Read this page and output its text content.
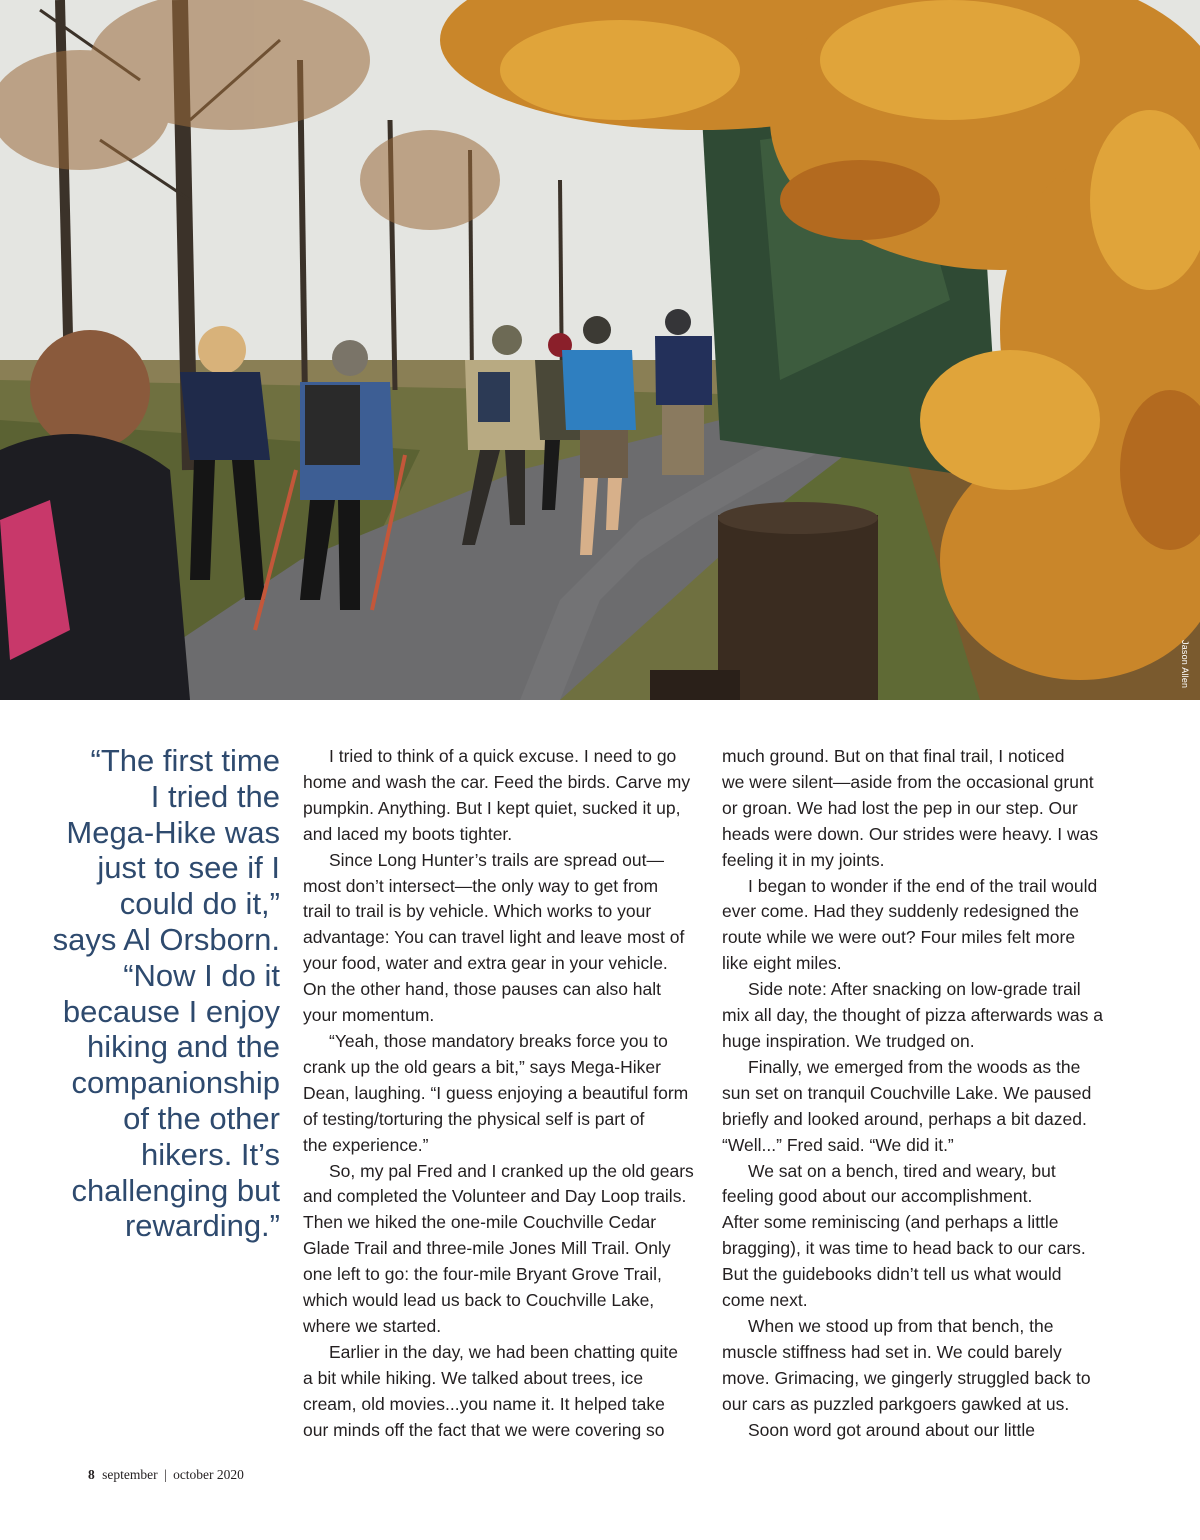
Jason Allen
“The first time
I tried the
Mega-Hike was
just to see if I
could do it,”
says Al Orsborn.
“Now I do it
because I enjoy
hiking and the
companionship
of the other
hikers. It’s
challenging but
rewarding.”
I tried to think of a quick excuse. I need to go
home and wash the car. Feed the birds. Carve my
pumpkin. Anything. But I kept quiet, sucked it up,
and laced my boots tighter.
Since Long Hunter’s trails are spread out—
most don’t intersect—the only way to get from
trail to trail is by vehicle. Which works to your
advantage: You can travel light and leave most of
your food, water and extra gear in your vehicle.
On the other hand, those pauses can also halt
your momentum.
“Yeah, those mandatory breaks force you to
crank up the old gears a bit,” says Mega-Hiker
Dean, laughing. “I guess enjoying a beautiful form
of testing/torturing the physical self is part of
the experience.”
So, my pal Fred and I cranked up the old gears
and completed the Volunteer and Day Loop trails.
Then we hiked the one-mile Couchville Cedar
Glade Trail and three-mile Jones Mill Trail. Only
one left to go: the four-mile Bryant Grove Trail,
which would lead us back to Couchville Lake,
where we started.
Earlier in the day, we had been chatting quite
a bit while hiking. We talked about trees, ice
cream, old movies...you name it. It helped take
our minds off the fact that we were covering so
much ground. But on that final trail, I noticed
we were silent—aside from the occasional grunt
or groan. We had lost the pep in our step. Our
heads were down. Our strides were heavy. I was
feeling it in my joints.
I began to wonder if the end of the trail would
ever come. Had they suddenly redesigned the
route while we were out? Four miles felt more
like eight miles.
Side note: After snacking on low-grade trail
mix all day, the thought of pizza afterwards was a
huge inspiration. We trudged on.
Finally, we emerged from the woods as the
sun set on tranquil Couchville Lake. We paused
briefly and looked around, perhaps a bit dazed.
“Well...” Fred said. “We did it.”
We sat on a bench, tired and weary, but
feeling good about our accomplishment.
After some reminiscing (and perhaps a little
bragging), it was time to head back to our cars.
But the guidebooks didn’t tell us what would
come next.
When we stood up from that bench, the
muscle stiffness had set in. We could barely
move. Grimacing, we gingerly struggled back to
our cars as puzzled parkgoers gawked at us.
Soon word got around about our little
8 september | october 2020
